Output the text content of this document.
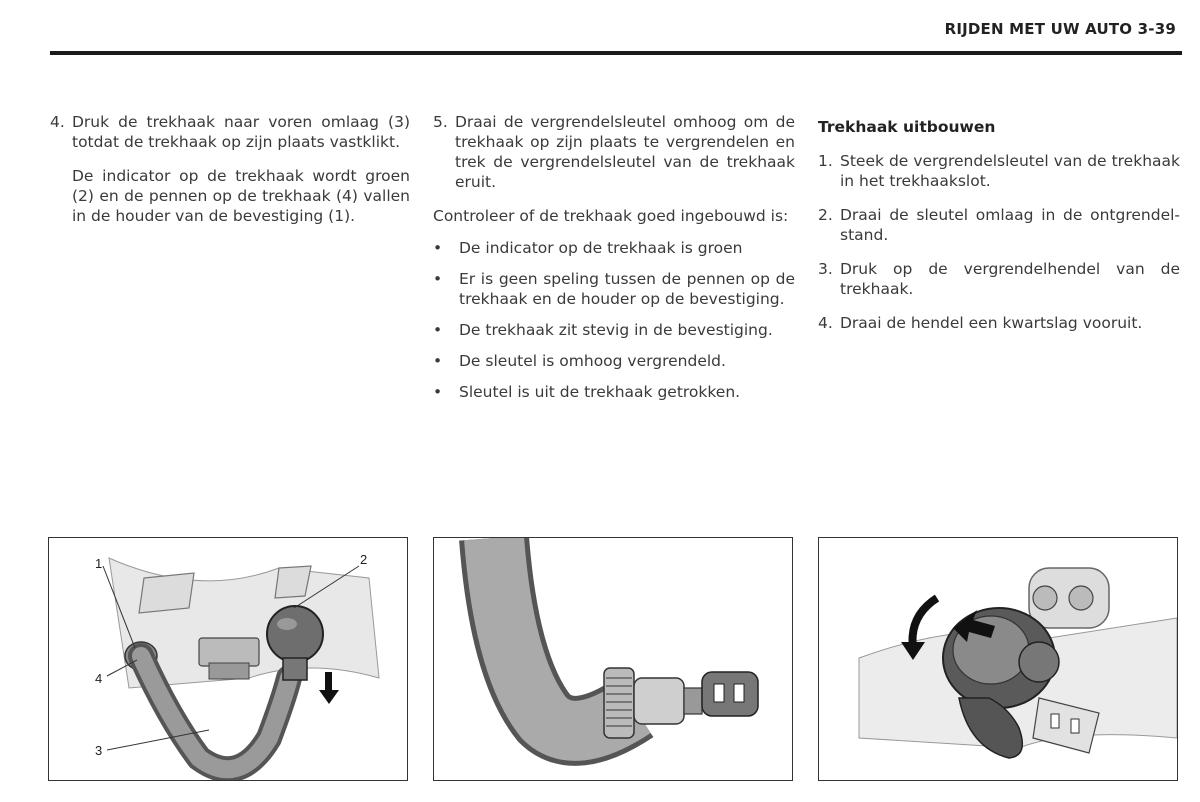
RIJDEN MET UW AUTO 3-39
4. Druk de trekhaak naar voren omlaag (3) totdat de trekhaak op zijn plaats vastklikt.
De indicator op de trekhaak wordt groen (2) en de pennen op de trekhaak (4) vallen in de houder van de bevestiging (1).
5. Draai de vergrendelsleutel omhoog om de trekhaak op zijn plaats te vergrendelen en trek de vergrendelsleutel van de trekhaak eruit.
Controleer of de trekhaak goed ingebouwd is:
•	De indicator op de trekhaak is groen
•	Er is geen speling tussen de pennen op de trekhaak en de houder op de bevestiging.
•	De trekhaak zit stevig in de bevestiging.
•	De sleutel is omhoog vergrendeld.
•	Sleutel is uit de trekhaak getrokken.
Trekhaak uitbouwen
1. Steek de vergrendelsleutel van de trekhaak in het trekhaakslot.
2. Draai de sleutel omlaag in de ontgrendel-stand.
3. Druk op de vergrendelhendel van de trekhaak.
4. Draai de hendel een kwartslag vooruit.
1	2
3
4
